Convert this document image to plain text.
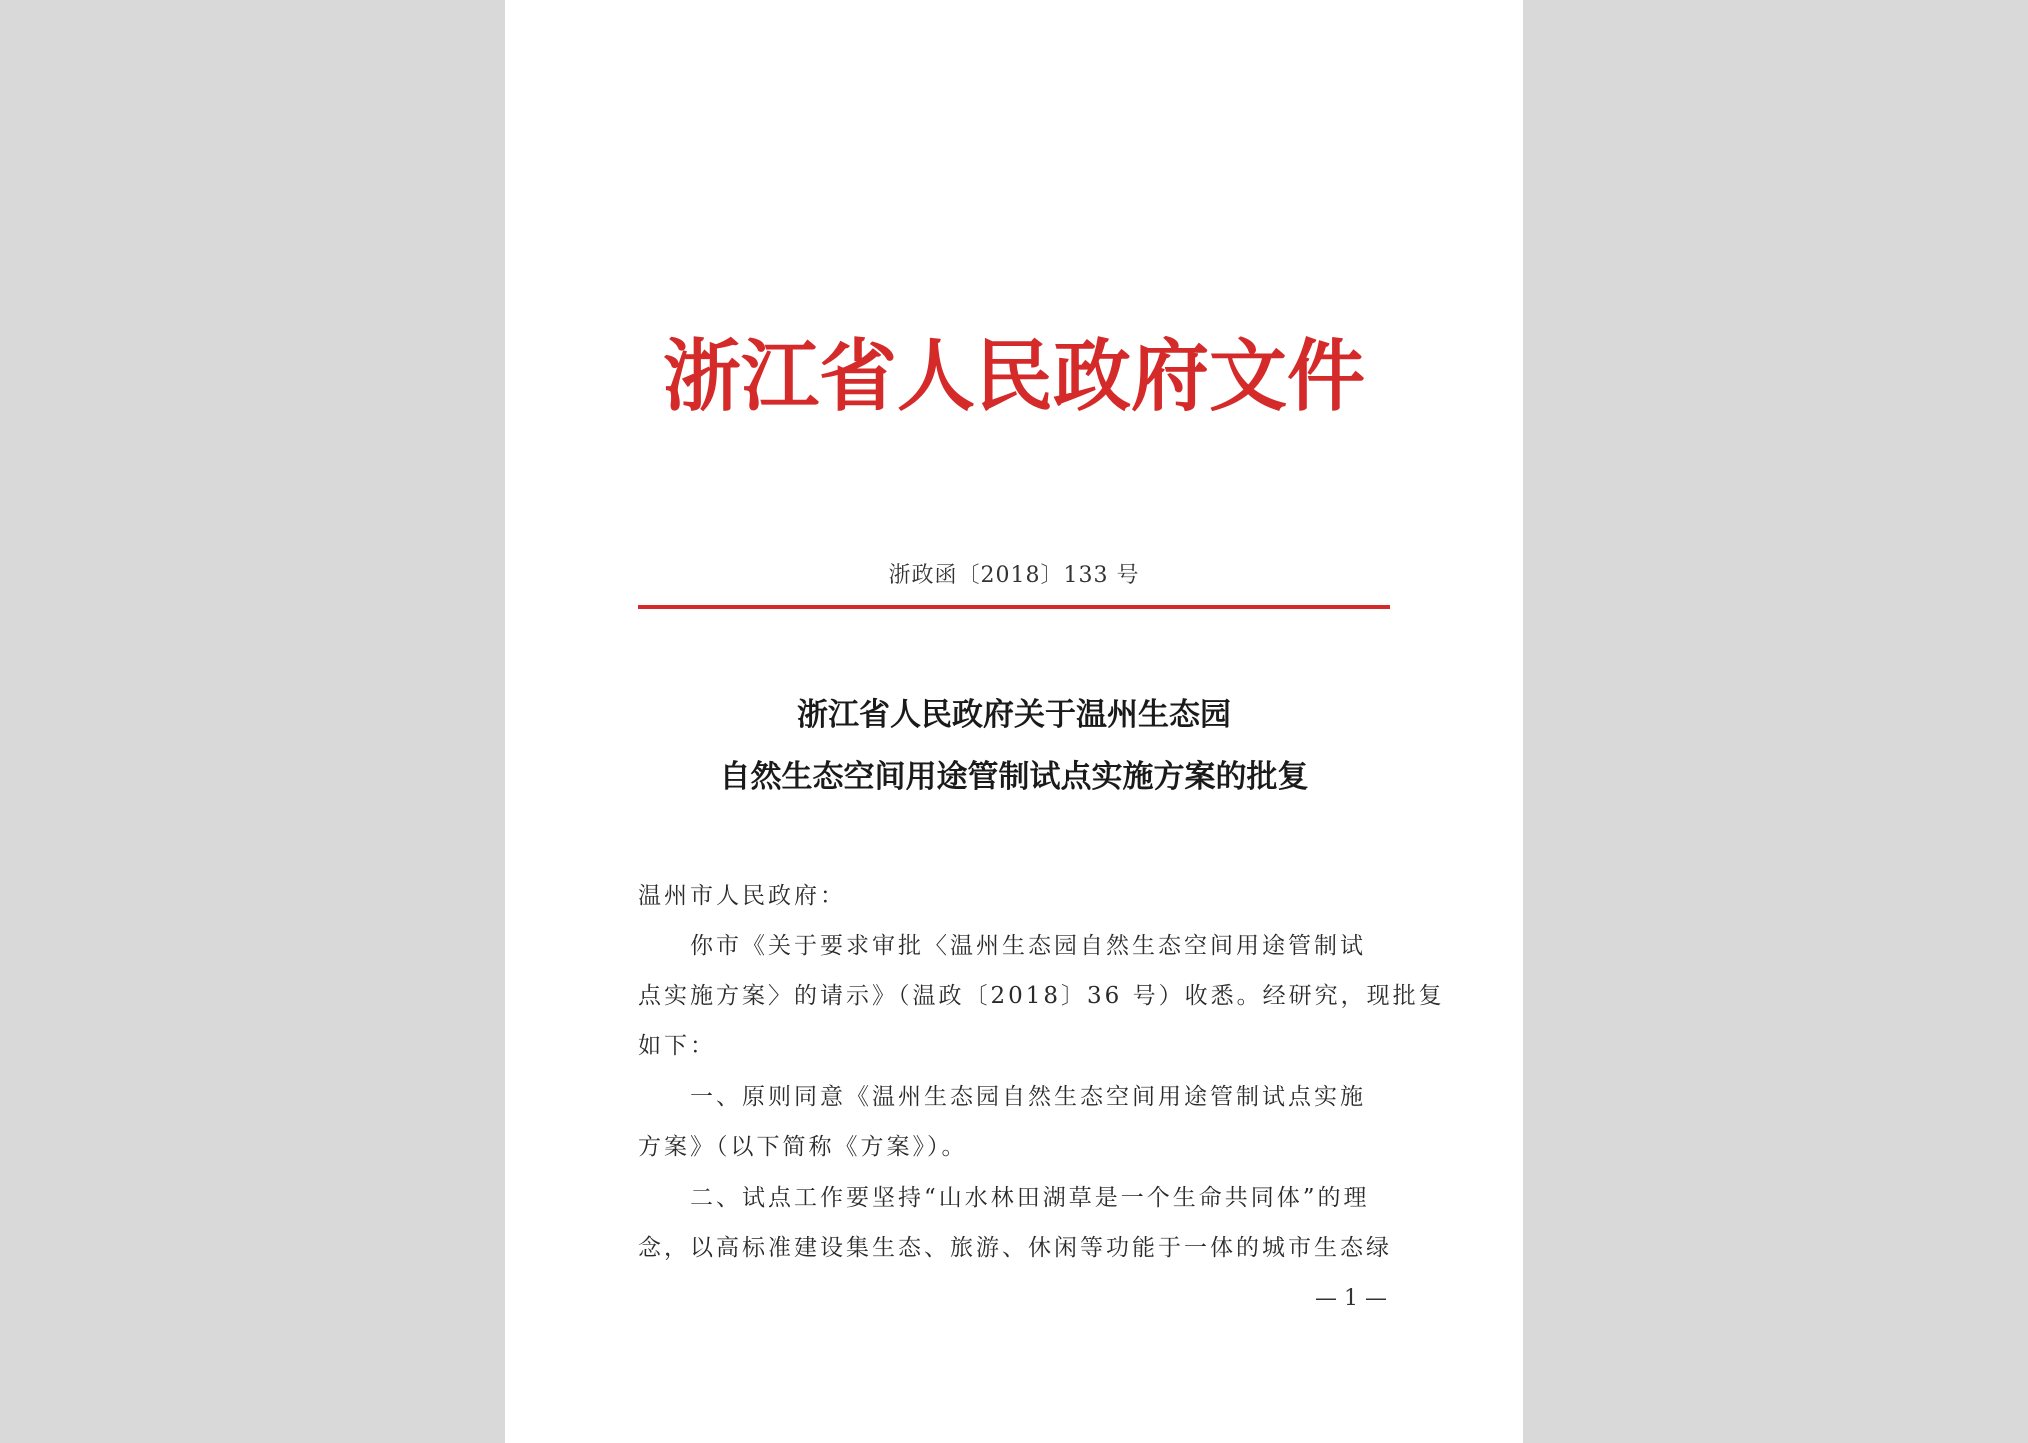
浙江省人民政府文件
浙政函〔2018〕133 号
浙江省人民政府关于温州生态园
自然生态空间用途管制试点实施方案的批复
温州市人民政府：
你市《关于要求审批〈温州生态园自然生态空间用途管制试
点实施方案〉的请示》（温政〔2018〕36 号）收悉。经研究，现批复
如下：
一、原则同意《温州生态园自然生态空间用途管制试点实施
方案》（以下简称《方案》）。
二、试点工作要坚持“山水林田湖草是一个生命共同体”的理
念，以高标准建设集生态、旅游、休闲等功能于一体的城市生态绿
— 1 —
